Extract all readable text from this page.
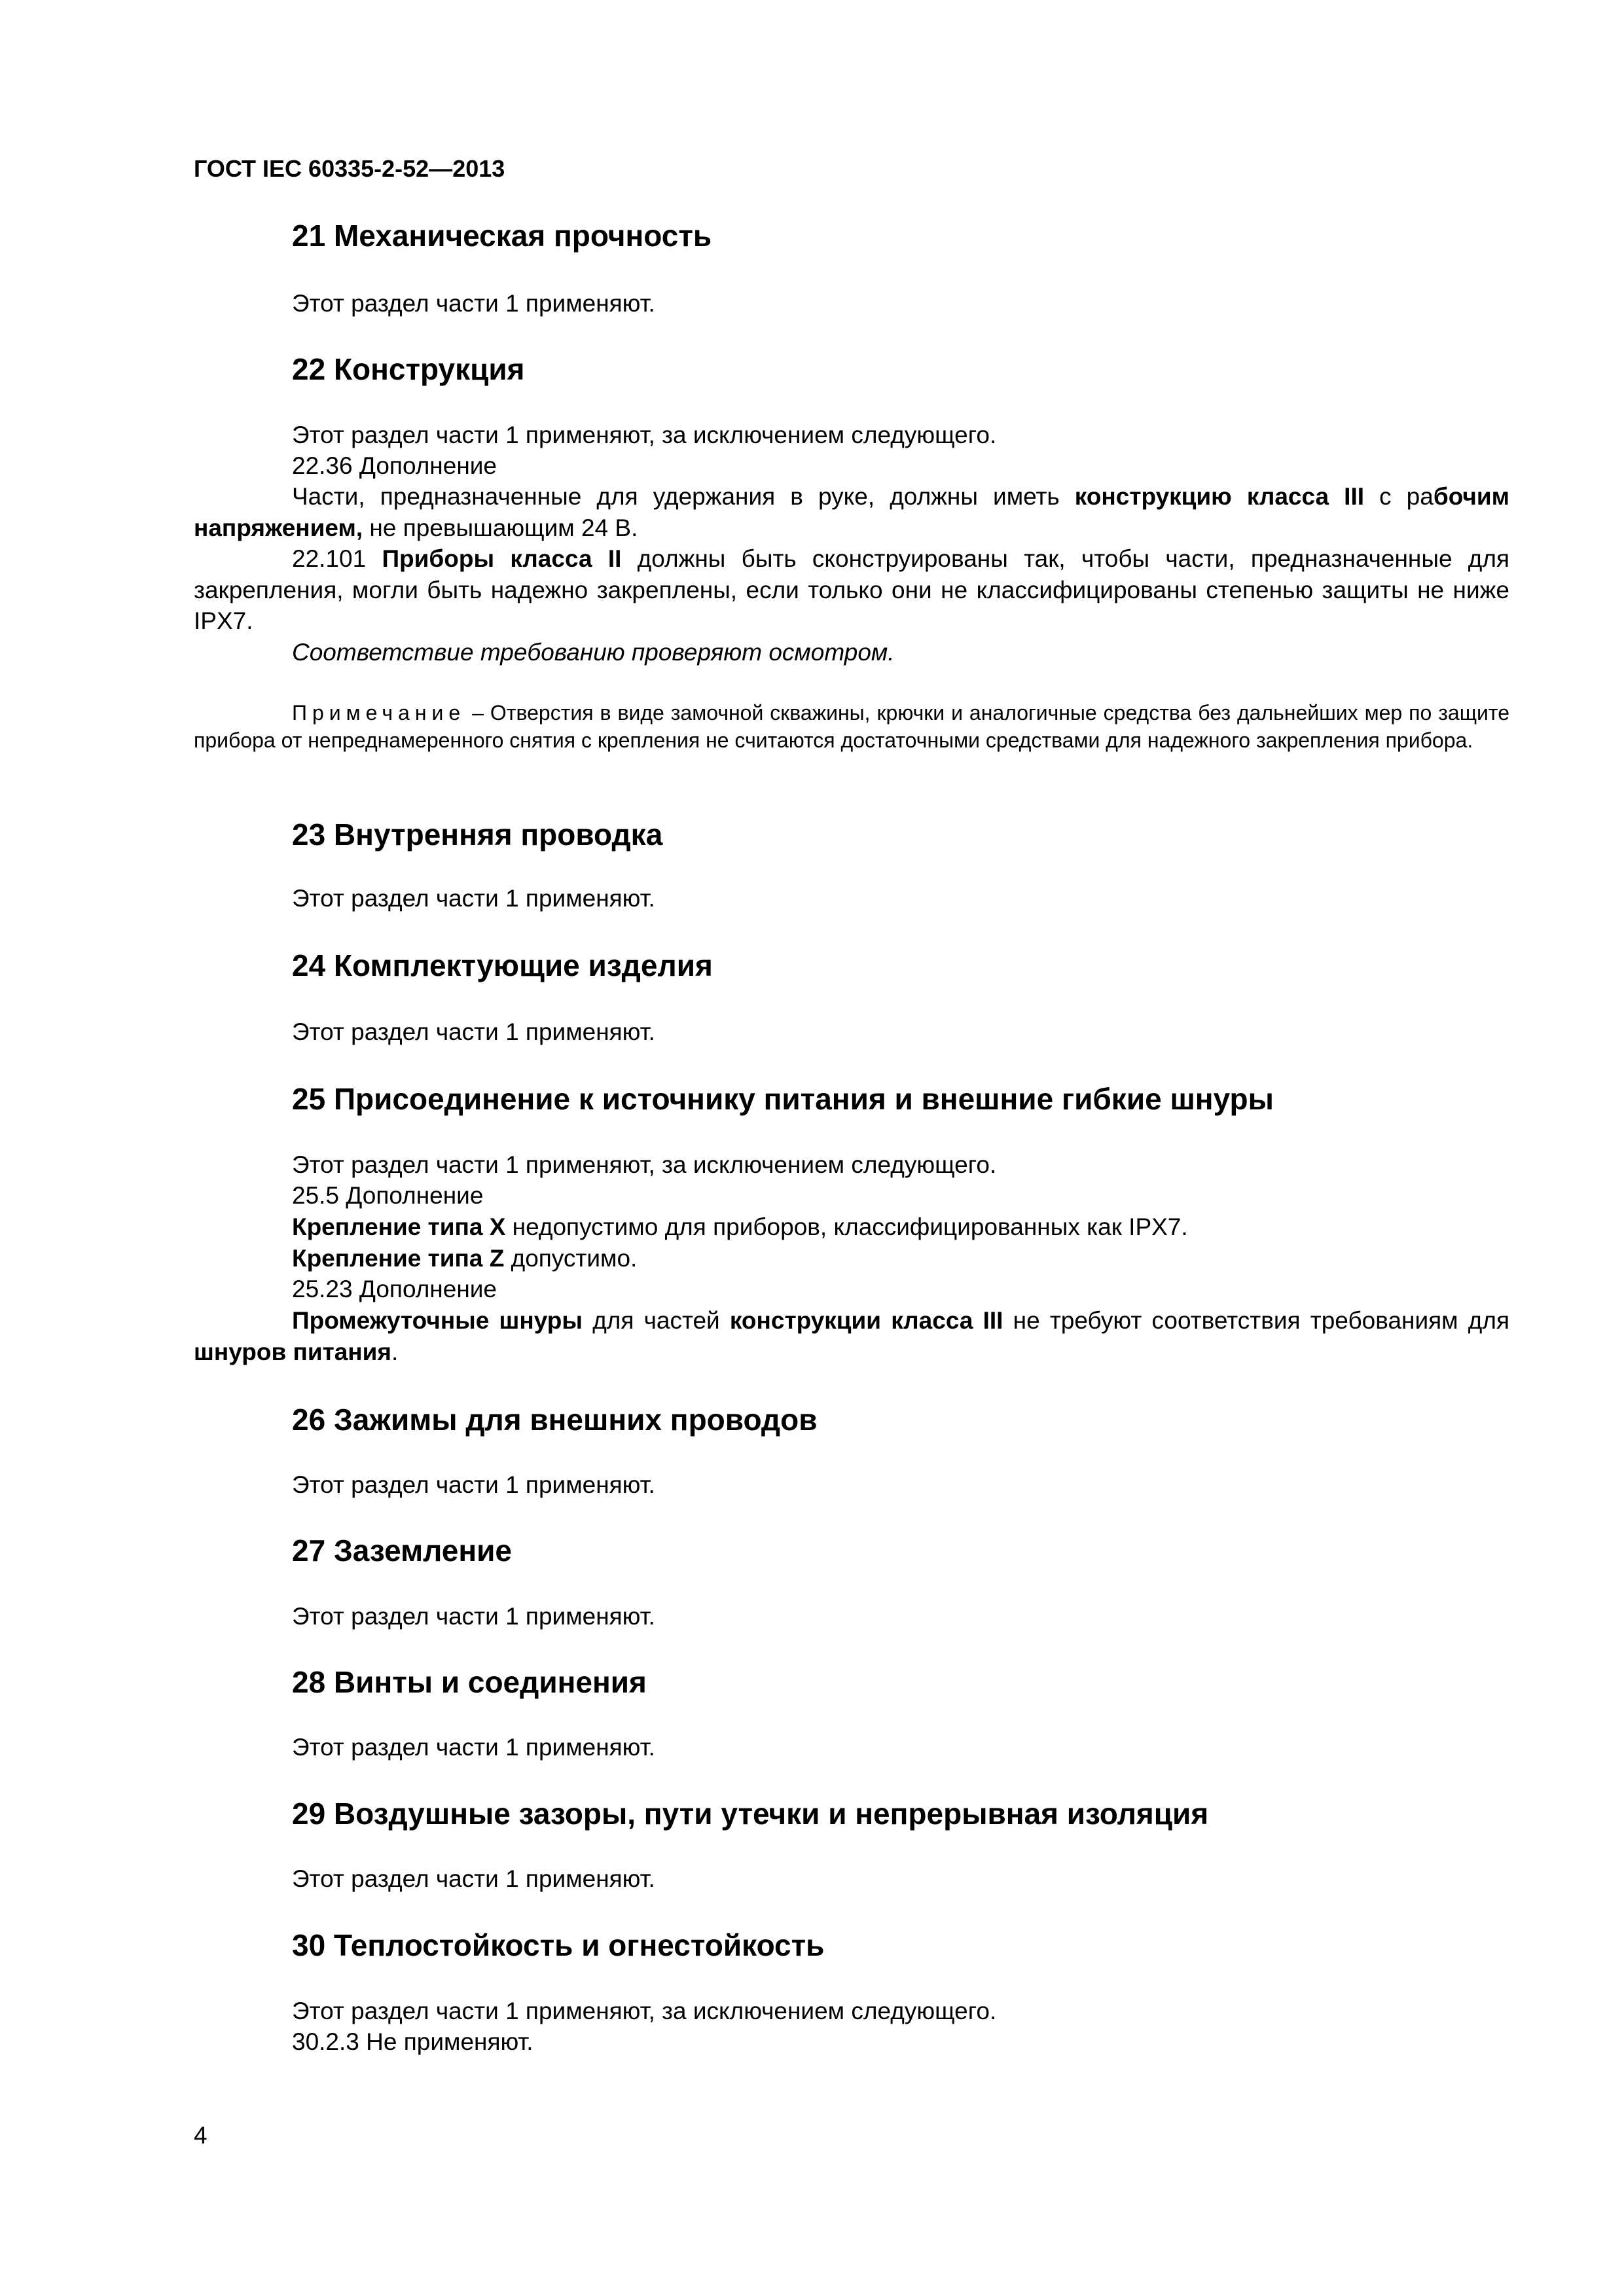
ГОСТ IEC 60335-2-52—2013
21 Механическая прочность
Этот раздел части 1 применяют.
22 Конструкция
Этот раздел части 1 применяют, за исключением следующего.
22.36 Дополнение
Части, предназначенные для удержания в руке, должны иметь конструкцию класса III с рабочим напряжением, не превышающим 24 В.
22.101 Приборы класса II должны быть сконструированы так, чтобы части, предназначенные для закрепления, могли быть надежно закреплены, если только они не классифицированы степенью защиты не ниже IPX7.
Соответствие требованию проверяют осмотром.
Примечание – Отверстия в виде замочной скважины, крючки и аналогичные средства без дальнейших мер по защите прибора от непреднамеренного снятия с крепления не считаются достаточными средствами для надежного закрепления прибора.
23 Внутренняя проводка
Этот раздел части 1 применяют.
24 Комплектующие изделия
Этот раздел части 1 применяют.
25 Присоединение к источнику питания и внешние гибкие шнуры
Этот раздел части 1 применяют, за исключением следующего.
25.5 Дополнение
Крепление типа X недопустимо для приборов, классифицированных как IPX7.
Крепление типа Z допустимо.
25.23 Дополнение
Промежуточные шнуры для частей конструкции класса III не требуют соответствия требованиям для шнуров питания.
26 Зажимы для внешних проводов
Этот раздел части 1 применяют.
27 Заземление
Этот раздел части 1 применяют.
28 Винты и соединения
Этот раздел части 1 применяют.
29 Воздушные зазоры, пути утечки и непрерывная изоляция
Этот раздел части 1 применяют.
30 Теплостойкость и огнестойкость
Этот раздел части 1 применяют, за исключением следующего.
30.2.3 Не применяют.
4
